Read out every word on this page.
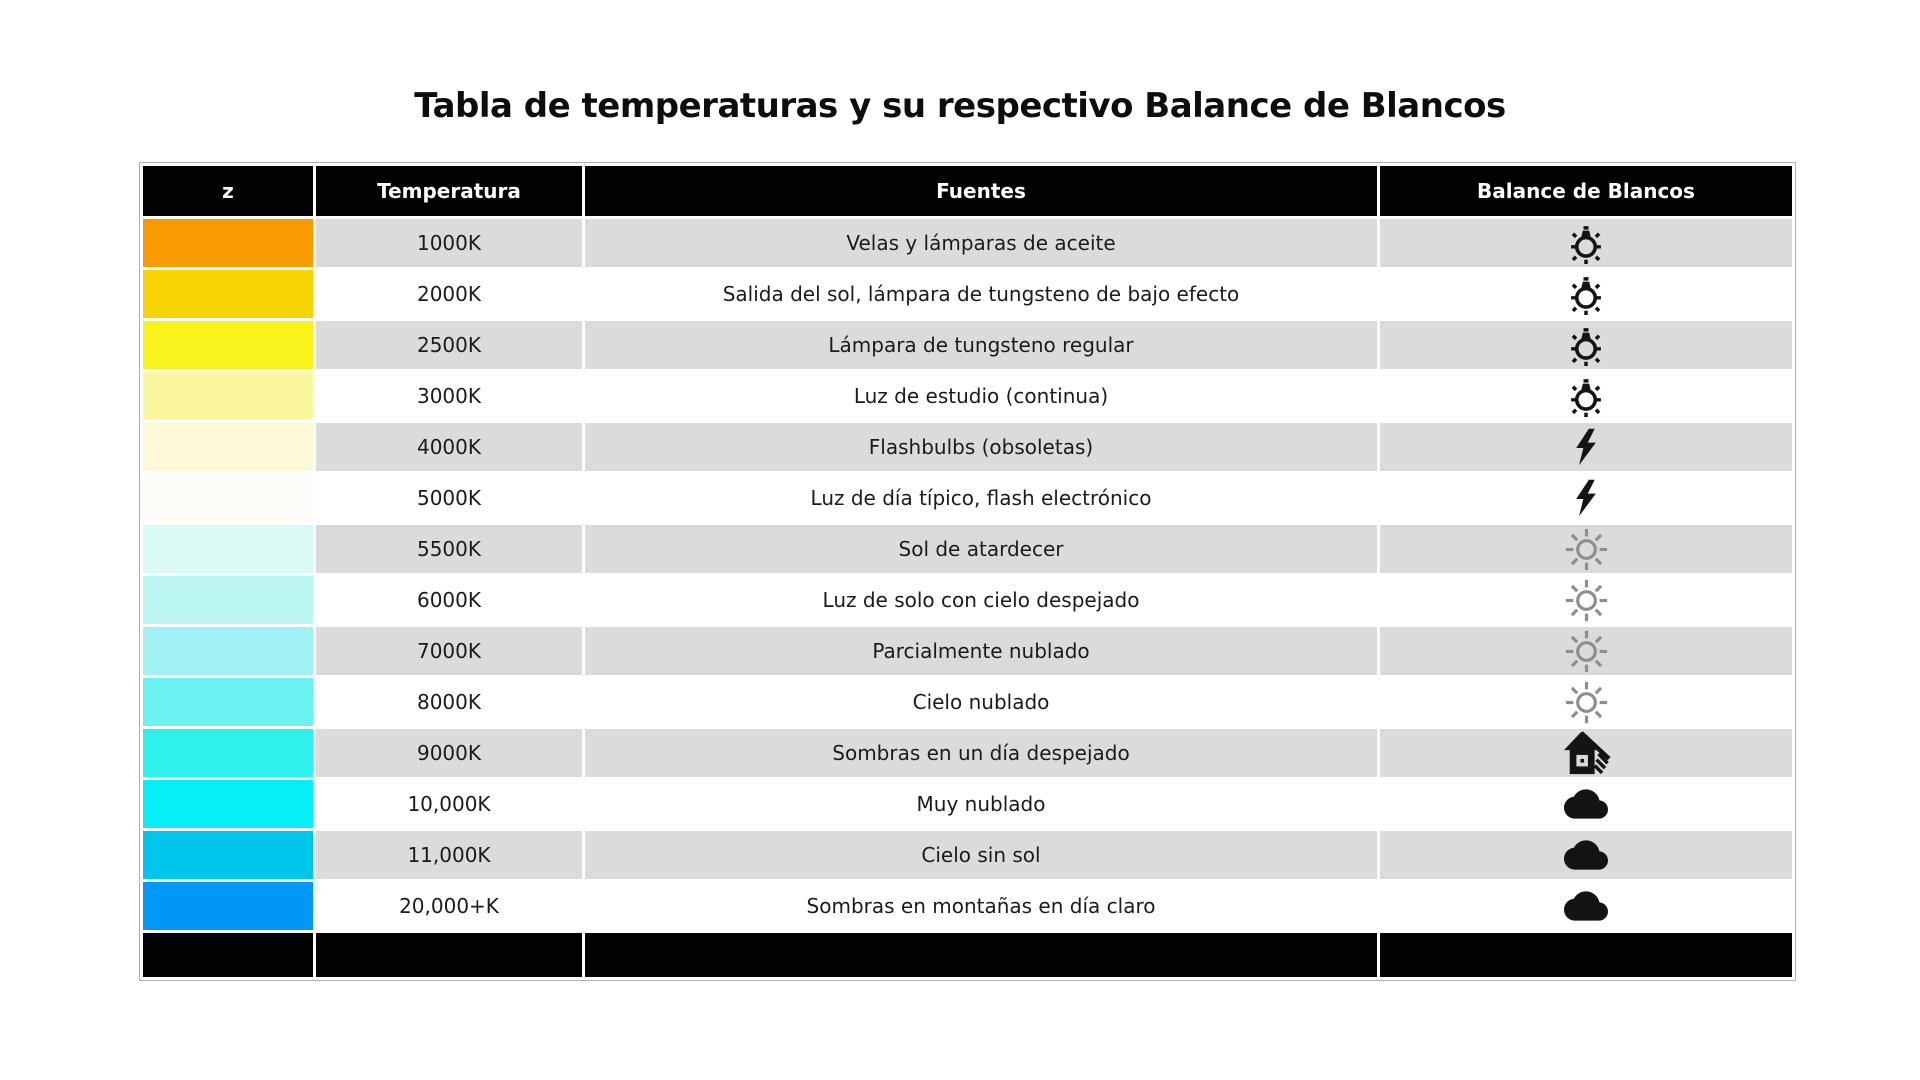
Tabla de temperaturas y su respectivo Balance de Blancos
z	Temperatura	Fuentes	Balance de Blancos
	1000K	Velas y lámparas de aceite	

	2000K	Salida del sol, lámpara de tungsteno de bajo efecto	

	2500K	Lámpara de tungsteno regular	

	3000K	Luz de estudio (continua)	

	4000K	Flashbulbs (obsoletas)	

	5000K	Luz de día típico, flash electrónico	

	5500K	Sol de atardecer	

	6000K	Luz de solo con cielo despejado	

	7000K	Parcialmente nublado	

	8000K	Cielo nublado	

	9000K	Sombras en un día despejado	

	10,000K	Muy nublado	

	11,000K	Cielo sin sol	

	20,000+K	Sombras en montañas en día claro	
